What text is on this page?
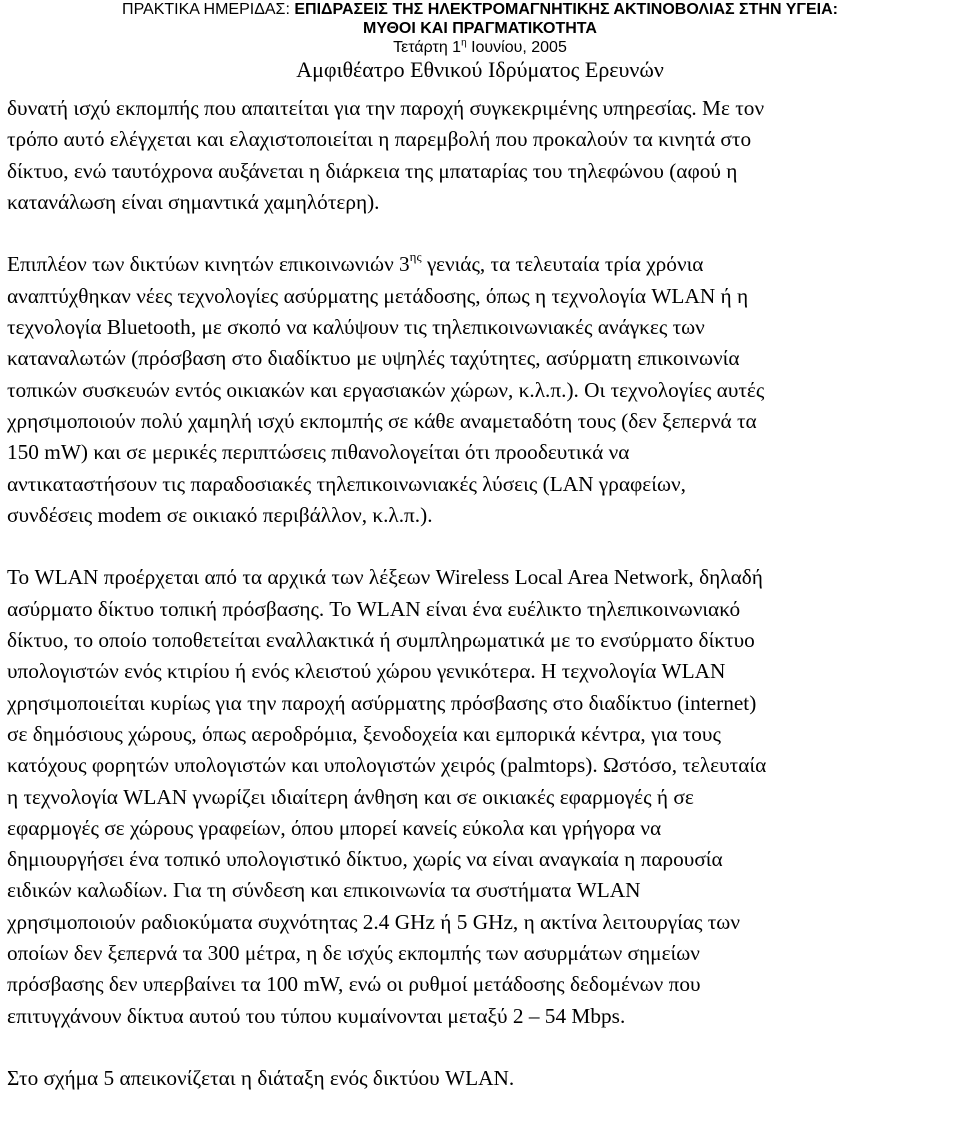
ΠΡΑΚΤΙΚΑ ΗΜΕΡΙΔΑΣ: ΕΠΙΔΡΑΣΕΙΣ ΤΗΣ ΗΛΕΚΤΡΟΜΑΓΝΗΤΙΚΗΣ ΑΚΤΙΝΟΒΟΛΙΑΣ ΣΤΗΝ ΥΓΕΙΑ:
ΜΥΘΟΙ ΚΑΙ ΠΡΑΓΜΑΤΙΚΟΤΗΤΑ
Τετάρτη $1^\eta$ Ιουνίου, 2005
Αμφιθέατρο Εθνικού Ιδρύματος Ερευνών
δυνατή ισχύ εκπομπής που απαιτείται για την παροχή συγκεκριμένης υπηρεσίας. Με τον
τρόπο αυτό ελέγχεται και ελαχιστοποιείται η παρεμβολή που προκαλούν τα κινητά στο
δίκτυο, ενώ ταυτόχρονα αυξάνεται η διάρκεια της μπαταρίας του τηλεφώνου (αφού η
κατανάλωση είναι σημαντικά χαμηλότερη).
Επιπλέον των δικτύων κινητών επικοινωνιών $3^{\eta\varsigma}$ γενιάς, τα τελευταία τρία χρόνια
αναπτύχθηκαν νέες τεχνολογίες ασύρματης μετάδοσης, όπως η τεχνολογία WLAN ή η
τεχνολογία Bluetooth, με σκοπό να καλύψουν τις τηλεπικοινωνιακές ανάγκες των
καταναλωτών (πρόσβαση στο διαδίκτυο με υψηλές ταχύτητες, ασύρματη επικοινωνία
τοπικών συσκευών εντός οικιακών και εργασιακών χώρων, κ.λ.π.). Οι τεχνολογίες αυτές
χρησιμοποιούν πολύ χαμηλή ισχύ εκπομπής σε κάθε αναμεταδότη τους (δεν ξεπερνά τα
150 mW) και σε μερικές περιπτώσεις πιθανολογείται ότι προοδευτικά να
αντικαταστήσουν τις παραδοσιακές τηλεπικοινωνιακές λύσεις (LAN γραφείων,
συνδέσεις modem σε οικιακό περιβάλλον, κ.λ.π.).
Το WLAN προέρχεται από τα αρχικά των λέξεων Wireless Local Area Network, δηλαδή
ασύρματο δίκτυο τοπική πρόσβασης. Το WLAN είναι ένα ευέλικτο τηλεπικοινωνιακό
δίκτυο, το οποίο τοποθετείται εναλλακτικά ή συμπληρωματικά με το ενσύρματο δίκτυο
υπολογιστών ενός κτιρίου ή ενός κλειστού χώρου γενικότερα. Η τεχνολογία WLAN
χρησιμοποιείται κυρίως για την παροχή ασύρματης πρόσβασης στο διαδίκτυο (internet)
σε δημόσιους χώρους, όπως αεροδρόμια, ξενοδοχεία και εμπορικά κέντρα, για τους
κατόχους φορητών υπολογιστών και υπολογιστών χειρός (palmtops). Ωστόσο, τελευταία
η τεχνολογία WLAN γνωρίζει ιδιαίτερη άνθηση και σε οικιακές εφαρμογές ή σε
εφαρμογές σε χώρους γραφείων, όπου μπορεί κανείς εύκολα και γρήγορα να
δημιουργήσει ένα τοπικό υπολογιστικό δίκτυο, χωρίς να είναι αναγκαία η παρουσία
ειδικών καλωδίων. Για τη σύνδεση και επικοινωνία τα συστήματα WLAN
χρησιμοποιούν ραδιοκύματα συχνότητας 2.4 GHz ή 5 GHz, η ακτίνα λειτουργίας των
οποίων δεν ξεπερνά τα 300 μέτρα, η δε ισχύς εκπομπής των ασυρμάτων σημείων
πρόσβασης δεν υπερβαίνει τα 100 mW, ενώ οι ρυθμοί μετάδοσης δεδομένων που
επιτυγχάνουν δίκτυα αυτού του τύπου κυμαίνονται μεταξύ 2 – 54 Mbps.
Στο σχήμα 5 απεικονίζεται η διάταξη ενός δικτύου WLAN.
